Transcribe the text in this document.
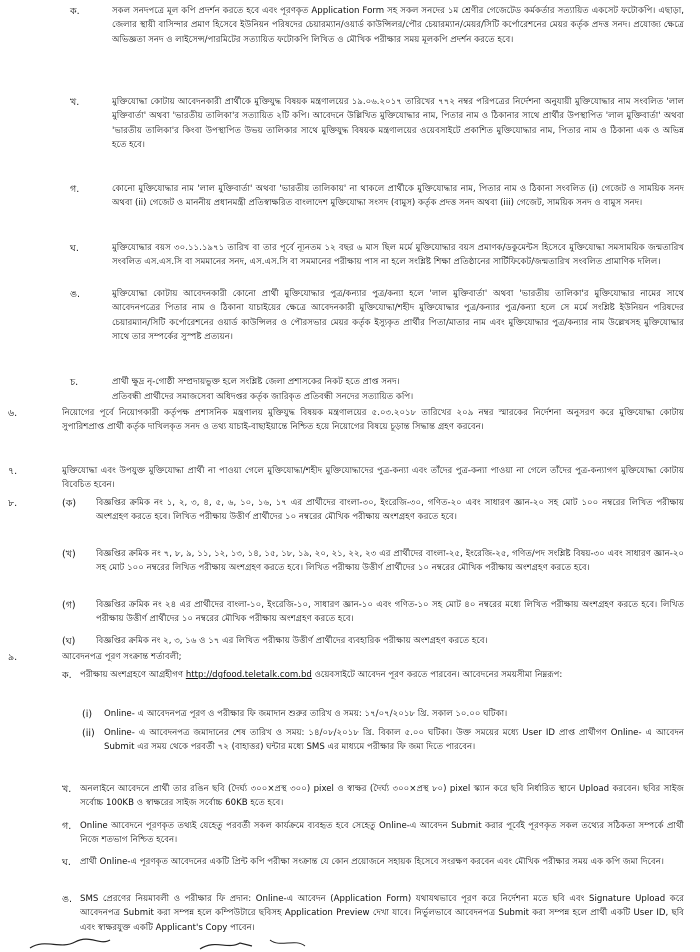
ক.	সকল সনদপত্রে মূল কপি প্রদর্শন করতে হবে এবং পূরণকৃত Application Form সহ সকল সনদের ১ম শ্রেণীর গেজেটেড কর্মকর্তার সত্যায়িত একসেট ফটোকপি। এছাড়া, জেলার স্থায়ী বাসিন্দার প্রমাণ হিসেবে ইউনিয়ন পরিষদের চেয়ারম্যান/ওয়ার্ড কাউন্সিলর/পৌর চেয়ারম্যান/মেয়র/সিটি কর্পোরেশনের মেয়র কর্তৃক প্রদত্ত সনদ। প্রযোজ্য ক্ষেত্রে অভিজ্ঞতা সনদ ও লাইসেন্স/পারমিটের সত্যায়িত ফটোকপি লিখিত ও মৌখিক পরীক্ষার সময় মূলকপি প্রদর্শন করতে হবে।
খ.	মুক্তিযোদ্ধা কোটায় আবেদনকারী প্রার্থীকে মুক্তিযুদ্ধ বিষয়ক মন্ত্রণালয়ের ১৯.০৬.২০১৭ তারিখের ৭৭২ নম্বর পরিপত্রের নির্দেশনা অনুযায়ী মুক্তিযোদ্ধার নাম সংবলিত 'লাল মুক্তিবার্তা' অথবা 'ভারতীয় তালিকা'র সত্যায়িত ২টি কপি। আবেদনে উল্লিখিত মুক্তিযোদ্ধার নাম, পিতার নাম ও ঠিকানার সাথে প্রার্থীর উপস্থাপিত 'লাল মুক্তিবার্তা' অথবা 'ভারতীয় তালিকা'র কিংবা উপস্থাপিত উভয় তালিকার সাথে মুক্তিযুদ্ধ বিষয়ক মন্ত্রণালয়ের ওয়েবসাইটে প্রকাশিত মুক্তিযোদ্ধার নাম, পিতার নাম ও ঠিকানা এক ও অভিন্ন হতে হবে।
গ.	কোনো মুক্তিযোদ্ধার নাম 'লাল মুক্তিবার্তা' অথবা 'ভারতীয় তালিকায়' না থাকলে প্রার্থীকে মুক্তিযোদ্ধার নাম, পিতার নাম ও ঠিকানা সংবলিত (i) গেজেট ও সাময়িক সনদ অথবা (ii) গেজেট ও মাননীয় প্রধানমন্ত্রী প্রতিস্বাক্ষরিত বাংলাদেশ মুক্তিযোদ্ধা সংসদ (বামুস) কর্তৃক প্রদত্ত সনদ অথবা (iii) গেজেট, সাময়িক সনদ ও বামুস সনদ।
ঘ.	মুক্তিযোদ্ধার বয়স ৩০.১১.১৯৭১ তারিখ বা তার পূর্বে ন্যূনতম ১২ বছর ৬ মাস ছিল মর্মে মুক্তিযোদ্ধার বয়স প্রমাণক/ডকুমেন্টস হিসেবে মুক্তিযোদ্ধা সমসাময়িক জন্মতারিখ সংবলিত এস.এস.সি বা সমমানের সনদ, এস.এস.সি বা সমমানের পরীক্ষায় পাস না হলে সংশ্লিষ্ট শিক্ষা প্রতিষ্ঠানের সার্টিফিকেট/জন্মতারিখ সংবলিত প্রামাণিক দলিল।
ঙ.	মুক্তিযোদ্ধা কোটায় আবেদনকারী কোনো প্রার্থী মুক্তিযোদ্ধার পুত্র/কন্যার পুত্র/কন্যা হলে 'লাল মুক্তিবার্তা' অথবা 'ভারতীয় তালিকা'র মুক্তিযোদ্ধার নামের সাথে আবেদনপত্রের পিতার নাম ও ঠিকানা যাচাইয়ের ক্ষেত্রে আবেদনকারী মুক্তিযোদ্ধা/শহীদ মুক্তিযোদ্ধার পুত্র/কন্যার পুত্র/কন্যা হলে সে মর্মে সংশ্লিষ্ট ইউনিয়ন পরিষদের চেয়ারম্যান/সিটি কর্পোরেশনের ওয়ার্ড কাউন্সিলর ও পৌরসভার মেয়র কর্তৃক ইস্যুকৃত প্রার্থীর পিতা/মাতার নাম এবং মুক্তিযোদ্ধার পুত্র/কন্যার নাম উল্লেখসহ মুক্তিযোদ্ধার সাথে তার সম্পর্কের সুস্পষ্ট প্রত্যয়ন।
চ.	প্রার্থী ক্ষুদ্র নৃ-গোষ্ঠী সম্প্রদায়ভুক্ত হলে সংশ্লিষ্ট জেলা প্রশাসকের নিকট হতে প্রাপ্ত সনদ।
প্রতিবন্ধী প্রার্থীদের সমাজসেবা অধিদপ্তর কর্তৃক জারিকৃত প্রতিবন্ধী সনদের সত্যায়িত কপি।
৬.	নিয়োগের পূর্বে নিয়োগকারী কর্তৃপক্ষ প্রশাসনিক মন্ত্রণালয় মুক্তিযুদ্ধ বিষয়ক মন্ত্রণালয়ের ৫.০৩.২০১৮ তারিখের ২০৯ নম্বর স্মারকের নির্দেশনা অনুসরণ করে মুক্তিযোদ্ধা কোটায় সুপারিশপ্রাপ্ত প্রার্থী কর্তৃক দাখিলকৃত সনদ ও তথ্য যাচাই-বাছাইয়ান্তে নিশ্চিত হয়ে নিয়োগের বিষয়ে চূড়ান্ত সিদ্ধান্ত গ্রহণ করবেন।
৭.	মুক্তিযোদ্ধা এবং উপযুক্ত মুক্তিযোদ্ধা প্রার্থী না পাওয়া গেলে মুক্তিযোদ্ধা/শহীদ মুক্তিযোদ্ধাদের পুত্র-কন্যা এবং তাঁদের পুত্র-কন্যা পাওয়া না গেলে তাঁদের পুত্র-কন্যাগণ মুক্তিযোদ্ধা কোটায় বিবেচিত হবেন।
৮.	(ক) বিজ্ঞপ্তির ক্রমিক নং ১, ২, ৩, ৪, ৫, ৬, ১০, ১৬, ১৭ এর প্রার্থীদের বাংলা-৩০, ইংরেজি-৩০, গণিত-২০ এবং সাধারণ জ্ঞান-২০ সহ মোট ১০০ নম্বরের লিখিত পরীক্ষায় অংশগ্রহণ করতে হবে। লিখিত পরীক্ষায় উত্তীর্ণ প্রার্থীদের ১০ নম্বরের মৌখিক পরীক্ষায় অংশগ্রহণ করতে হবে।
(খ) বিজ্ঞপ্তির ক্রমিক নং ৭, ৮, ৯, ১১, ১২, ১৩, ১৪, ১৫, ১৮, ১৯, ২০, ২১, ২২, ২৩ এর প্রার্থীদের বাংলা-২৫, ইংরেজি-২৫, গণিত/পদ সংশ্লিষ্ট বিষয়-৩০ এবং সাধারণ জ্ঞান-২০ সহ মোট ১০০ নম্বরের লিখিত পরীক্ষায় অংশগ্রহণ করতে হবে। লিখিত পরীক্ষায় উত্তীর্ণ প্রার্থীদের ১০ নম্বরের মৌখিক পরীক্ষায় অংশগ্রহণ করতে হবে।
(গ) বিজ্ঞপ্তির ক্রমিক নং ২৪ এর প্রার্থীদের বাংলা-১০, ইংরেজি-১০, সাধারণ জ্ঞান-১০ এবং গণিত-১০ সহ মোট ৪০ নম্বরের মধ্যে লিখিত পরীক্ষায় অংশগ্রহণ করতে হবে। লিখিত পরীক্ষায় উত্তীর্ণ প্রার্থীদের ১০ নম্বরের মৌখিক পরীক্ষায় অংশগ্রহণ করতে হবে।
(ঘ) বিজ্ঞপ্তির ক্রমিক নং ২, ৩, ১৬ ও ১৭ এর লিখিত পরীক্ষায় উত্তীর্ণ প্রার্থীদের ব্যবহারিক পরীক্ষায় অংশগ্রহণ করতে হবে।
৯.	আবেদনপত্র পূরণ সংক্রান্ত শর্তাবলী;
ক. পরীক্ষায় অংশগ্রহণে আগ্রহীগণ http://dgfood.teletalk.com.bd ওয়েবসাইটে আবেদন পূরণ করতে পারবেন। আবেদনের সময়সীমা নিম্নরূপ:
(i) Online- এ আবেদনপত্র পূরণ ও পরীক্ষার ফি জমাদান শুরুর তারিখ ও সময়: ১৭/০৭/২০১৮ খ্রি. সকাল ১০.০০ ঘটিকা।
(ii) Online- এ আবেদনপত্র জমাদানের শেষ তারিখ ও সময়: ১৪/০৮/২০১৮ খ্রি. বিকাল ৫.০০ ঘটিকা। উক্ত সময়ের মধ্যে User ID প্রাপ্ত প্রার্থীগণ Online- এ আবেদন Submit এর সময় থেকে পরবর্তী ৭২ (বাহাত্তর) ঘন্টার মধ্যে SMS এর মাধ্যমে পরীক্ষার ফি জমা দিতে পারবেন।
খ. অনলাইনে আবেদনে প্রার্থী তার রঙিন ছবি (দৈর্ঘ্য ৩০০×প্রস্থ ৩০০) pixel ও স্বাক্ষর (দৈর্ঘ্য ৩০০×প্রস্থ ৮০) pixel স্ক্যান করে ছবি নির্ধারিত স্থানে Upload করবেন। ছবির সাইজ সর্বোচ্চ 100KB ও স্বাক্ষরের সাইজ সর্বোচ্চ 60KB হতে হবে।
গ. Online আবেদনে পূরণকৃত তথ্যই যেহেতু পরবর্তী সকল কার্যক্রমে ব্যবহৃত হবে সেহেতু Online-এ আবেদন Submit করার পূর্বেই পূরণকৃত সকল তথ্যের সঠিকতা সম্পর্কে প্রার্থী নিজে শতভাগ নিশ্চিত হবেন।
ঘ. প্রার্থী Online-এ পূরণকৃত আবেদনের একটি প্রিন্ট কপি পরীক্ষা সংক্রান্ত যে কোন প্রয়োজনে সহায়ক হিসেবে সংরক্ষণ করবেন এবং মৌখিক পরীক্ষার সময় এক কপি জমা দিবেন।
ঙ. SMS প্রেরণের নিয়মাবলী ও পরীক্ষার ফি প্রদান: Online-এ আবেদন (Application Form) যথাযথভাবে পূরণ করে নির্দেশনা মতে ছবি এবং Signature Upload করে আবেদনপত্র Submit করা সম্পন্ন হলে কম্পিউটারে ছবিসহ Application Preview দেখা যাবে। নির্ভুলভাবে আবেদনপত্র Submit করা সম্পন্ন হলে প্রার্থী একটি User ID, ছবি এবং স্বাক্ষরযুক্ত একটি Applicant's Copy পাবেন।
